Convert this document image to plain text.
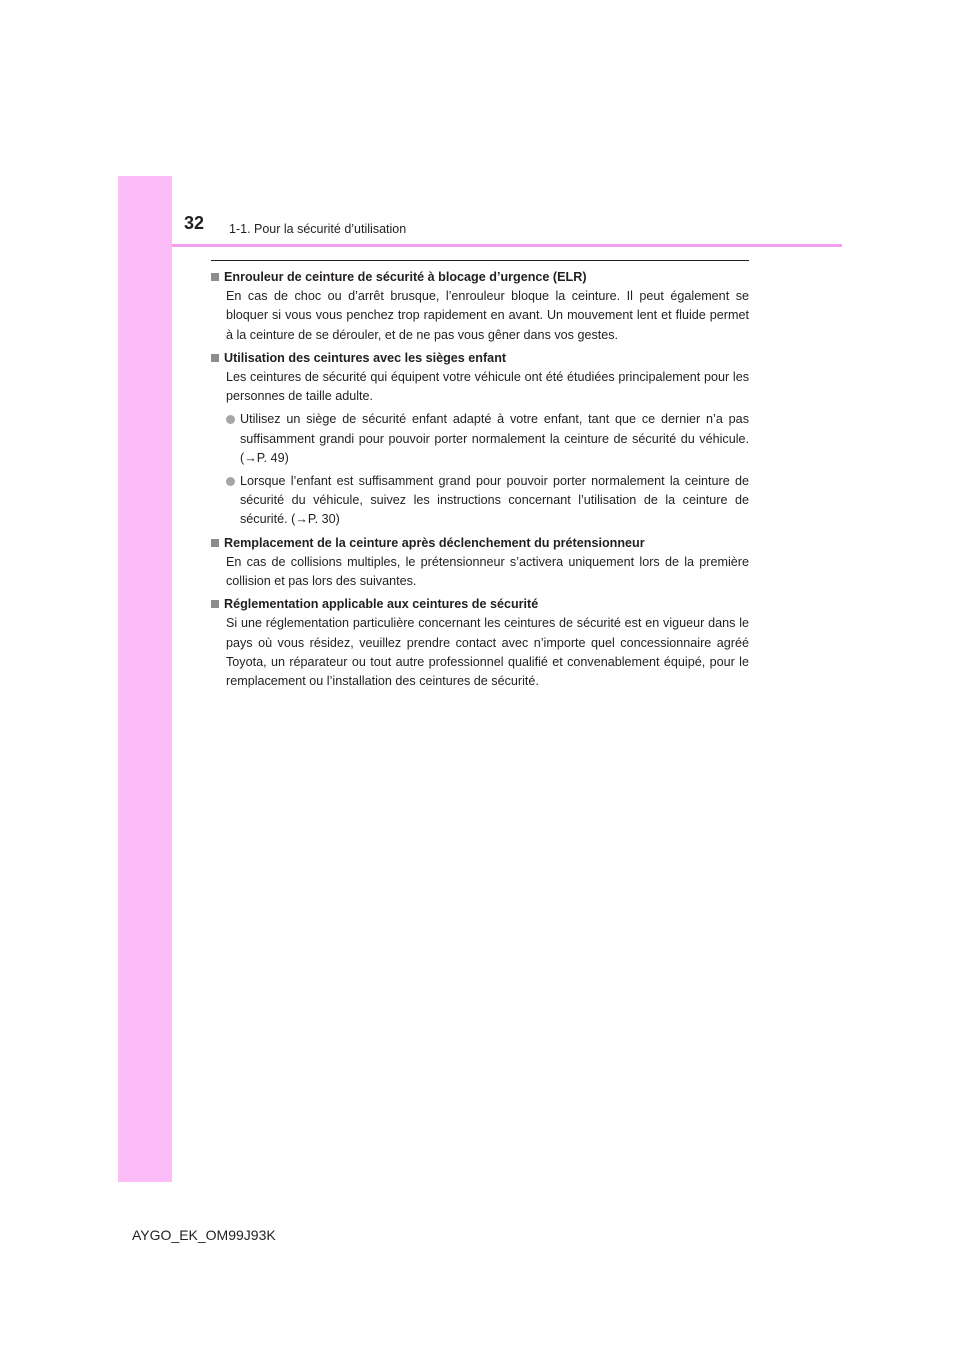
32 1-1. Pour la sécurité d’utilisation
Enrouleur de ceinture de sécurité à blocage d’urgence (ELR)
En cas de choc ou d’arrêt brusque, l’enrouleur bloque la ceinture. Il peut également se bloquer si vous vous penchez trop rapidement en avant. Un mouvement lent et fluide permet à la ceinture de se dérouler, et de ne pas vous gêner dans vos gestes.
Utilisation des ceintures avec les sièges enfant
Les ceintures de sécurité qui équipent votre véhicule ont été étudiées principalement pour les personnes de taille adulte.
Utilisez un siège de sécurité enfant adapté à votre enfant, tant que ce dernier n’a pas suffisamment grandi pour pouvoir porter normalement la ceinture de sécurité du véhicule. (→P. 49)
Lorsque l’enfant est suffisamment grand pour pouvoir porter normalement la ceinture de sécurité du véhicule, suivez les instructions concernant l’utilisation de la ceinture de sécurité. (→P. 30)
Remplacement de la ceinture après déclenchement du prétensionneur
En cas de collisions multiples, le prétensionneur s’activera uniquement lors de la première collision et pas lors des suivantes.
Réglementation applicable aux ceintures de sécurité
Si une réglementation particulière concernant les ceintures de sécurité est en vigueur dans le pays où vous résidez, veuillez prendre contact avec n’importe quel concessionnaire agréé Toyota, un réparateur ou tout autre professionnel qualifié et convenablement équipé, pour le remplacement ou l’installation des ceintures de sécurité.
AYGO_EK_OM99J93K
